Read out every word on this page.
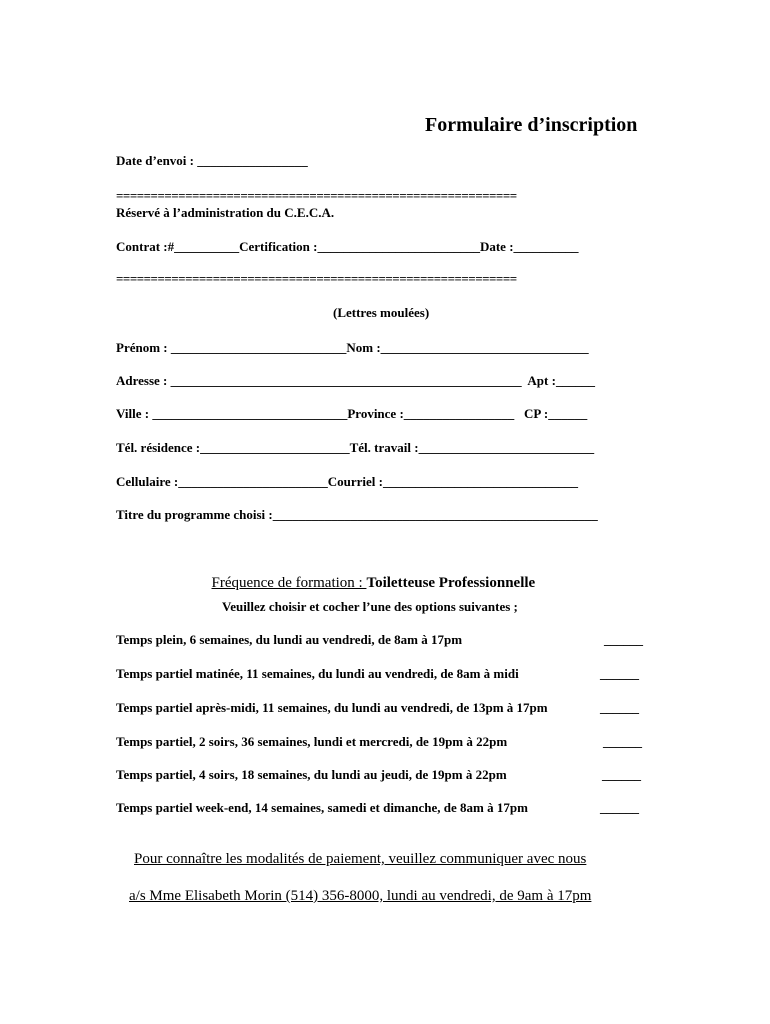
Formulaire d’inscription
Date d’envoi : _________________
==========================================================
Réservé à l’administration du C.E.C.A.
Contrat :#__________Certification :_________________________Date :__________
==========================================================
(Lettres moulées)
Prénom : ___________________________Nom :________________________________
Adresse : ______________________________________________________  Apt :______
Ville : ______________________________Province :_________________   CP :______
Tél. résidence :_______________________Tél. travail :___________________________
Cellulaire :_______________________Courriel :______________________________
Titre du programme choisi :__________________________________________________

Fréquence de formation : Toiletteuse Professionnelle

Veuillez choisir et cocher l’une des options suivantes ;
Temps plein, 6 semaines, du lundi au vendredi, de 8am à 17pm	______
Temps partiel matinée, 11 semaines, du lundi au vendredi, de 8am à midi	______
Temps partiel après-midi, 11 semaines, du lundi au vendredi, de 13pm à 17pm	______
Temps partiel, 2 soirs, 36 semaines, lundi et mercredi, de 19pm à 22pm	______
Temps partiel, 4 soirs, 18 semaines, du lundi au jeudi, de 19pm à 22pm	______
Temps partiel week-end, 14 semaines, samedi et dimanche, de 8am à 17pm	______
Pour connaître les modalités de paiement, veuillez communiquer avec nous
a/s Mme Elisabeth Morin (514) 356-8000, lundi au vendredi, de 9am à 17pm
